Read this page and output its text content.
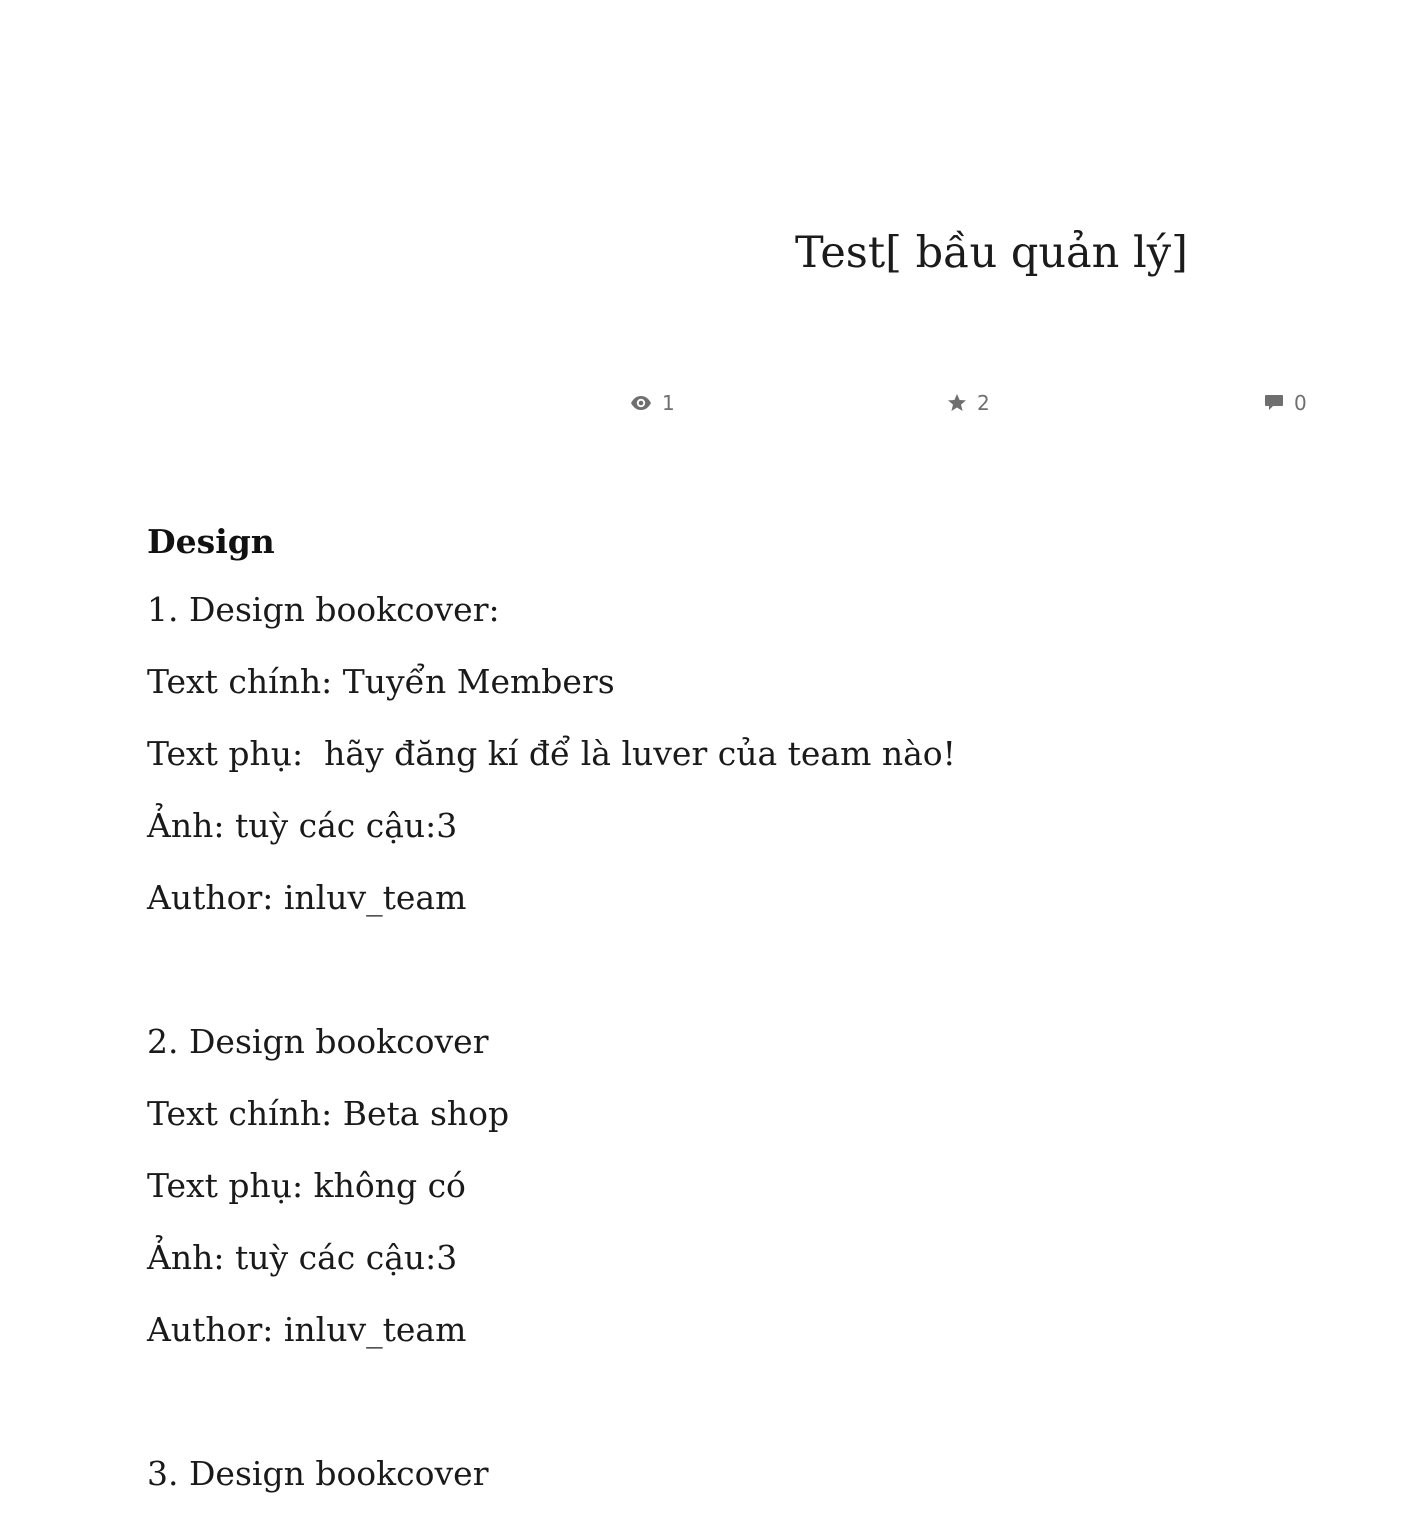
Test[ bầu quản lý]
1	2	0

Design

1. Design bookcover:

Text chính: Tuyển Members

Text phụ:  hãy đăng kí để là luver của team nào!

Ảnh: tuỳ các cậu:3

Author: inluv_team

2. Design bookcover

Text chính: Beta shop

Text phụ: không có

Ảnh: tuỳ các cậu:3

Author: inluv_team

3. Design bookcover
